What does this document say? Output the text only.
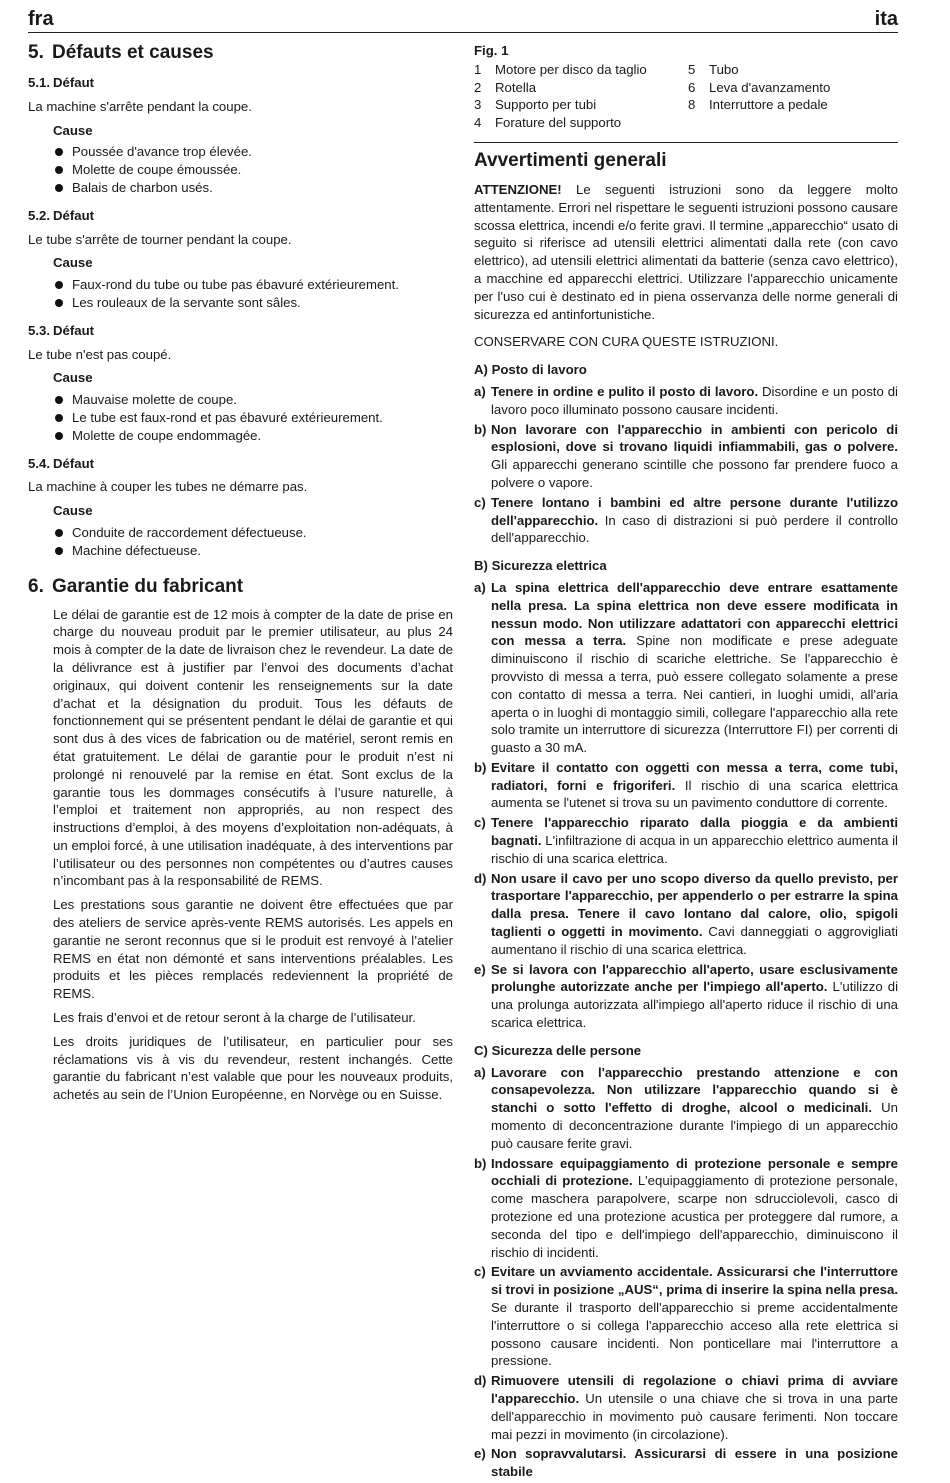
fra	ita
5. Défauts et causes
5.1. Défaut
La machine s'arrête pendant la coupe.
Cause
Poussée d'avance trop élevée.
Molette de coupe émoussée.
Balais de charbon usés.
5.2. Défaut
Le tube s'arrête de tourner pendant la coupe.
Cause
Faux-rond du tube ou tube pas ébavuré extérieurement.
Les rouleaux de la servante sont sâles.
5.3. Défaut
Le tube n'est pas coupé.
Cause
Mauvaise molette de coupe.
Le tube est faux-rond et pas ébavuré extérieurement.
Molette de coupe endommagée.
5.4. Défaut
La machine à couper les tubes ne démarre pas.
Cause
Conduite de raccordement défectueuse.
Machine défectueuse.
6. Garantie du fabricant

Le délai de garantie est de 12 mois à compter de la date de prise en charge du nouveau produit par le premier utilisateur, au plus 24 mois à compter de la date de livraison chez le revendeur. La date de la délivrance est à justifier par l’envoi des documents d’achat originaux, qui doivent contenir les renseignements sur la date d’achat et la désignation du produit. Tous les défauts de fonctionnement qui se présentent pendant le délai de garantie et qui sont dus à des vices de fabrication ou de matériel, seront remis en état gratuitement. Le délai de garantie pour le produit n’est ni prolongé ni renouvelé par la remise en état. Sont exclus de la garantie tous les dommages consécutifs à l’usure naturelle, à l’emploi et traitement non appropriés, au non respect des instructions d’emploi, à des moyens d’exploitation non-adéquats, à un emploi forcé, à une utilisation inadéquate, à des interventions par l’utilisateur ou des personnes non compétentes ou d’autres causes n’incombant pas à la responsabilité de REMS.

Les prestations sous garantie ne doivent être effectuées que par des ateliers de service après-vente REMS autorisés. Les appels en garantie ne seront reconnus que si le produit est renvoyé à l’atelier REMS en état non démonté et sans interventions préalables. Les produits et les pièces remplacés redeviennent la propriété de REMS.

Les frais d’envoi et de retour seront à la charge de l’utilisateur.

Les droits juridiques de l’utilisateur, en particulier pour ses réclamations vis à vis du revendeur, restent inchangés. Cette garantie du fabricant n’est valable que pour les nouveaux produits, achetés au sein de l’Union Européenne, en Norvège ou en Suisse.

Fig. 1
1 Motore per disco da taglio	5 Tubo
2 Rotella	6 Leva d'avanzamento
3 Supporto per tubi	8 Interruttore a pedale
4 Forature del supporto
Avvertimenti generali

ATTENZIONE! Le seguenti istruzioni sono da leggere molto attentamente. Errori nel rispettare le seguenti istruzioni possono causare scossa elettrica, incendi e/o ferite gravi. Il termine „apparecchio“ usato di seguito si riferisce ad utensili elettrici alimentati dalla rete (con cavo elettrico), ad utensili elettrici alimentati da batterie (senza cavo elettrico), a macchine ed apparecchi elettrici. Utilizzare l'apparecchio unicamente per l'uso cui è destinato ed in piena osservanza delle norme generali di sicurezza ed antinfortunistiche.

CONSERVARE CON CURA QUESTE ISTRUZIONI.

A) Posto di lavoro
a) Tenere in ordine e pulito il posto di lavoro. Disordine e un posto di lavoro poco illuminato possono causare incidenti.
b) Non lavorare con l'apparecchio in ambienti con pericolo di esplosioni, dove si trovano liquidi infiammabili, gas o polvere. Gli apparecchi generano scintille che possono far prendere fuoco a polvere o vapore.
c) Tenere lontano i bambini ed altre persone durante l'utilizzo dell'apparecchio. In caso di distrazioni si può perdere il controllo dell'apparecchio.
B) Sicurezza elettrica
a) La spina elettrica dell'apparecchio deve entrare esattamente nella presa. La spina elettrica non deve essere modificata in nessun modo. Non utilizzare adattatori con apparecchi elettrici con messa a terra. Spine non modificate e prese adeguate diminuiscono il rischio di scariche elettriche. Se l'apparecchio è provvisto di messa a terra, può essere collegato solamente a prese con contatto di messa a terra. Nei cantieri, in luoghi umidi, all'aria aperta o in luoghi di montaggio simili, collegare l'apparecchio alla rete solo tramite un interruttore di sicurezza (Interruttore FI) per correnti di guasto a 30 mA.
b) Evitare il contatto con oggetti con messa a terra, come tubi, radiatori, forni e frigoriferi. Il rischio di una scarica elettrica aumenta se l'utenet si trova su un pavimento conduttore di corrente.
c) Tenere l'apparecchio riparato dalla pioggia e da ambienti bagnati. L'infiltrazione di acqua in un apparecchio elettrico aumenta il rischio di una scarica elettrica.
d) Non usare il cavo per uno scopo diverso da quello previsto, per trasportare l'apparecchio, per appenderlo o per estrarre la spina dalla presa. Tenere il cavo lontano dal calore, olio, spigoli taglienti o oggetti in movimento. Cavi danneggiati o aggrovigliati aumentano il rischio di una scarica elettrica.
e) Se si lavora con l'apparecchio all'aperto, usare esclusivamente prolunghe autorizzate anche per l'impiego all'aperto. L'utilizzo di una prolunga autorizzata all'impiego all'aperto riduce il rischio di una scarica elettrica.
C) Sicurezza delle persone
a) Lavorare con l'apparecchio prestando attenzione e con consapevolezza. Non utilizzare l'apparecchio quando si è stanchi o sotto l'effetto di droghe, alcool o medicinali. Un momento di deconcentrazione durante l'impiego di un apparecchio può causare ferite gravi.
b) Indossare equipaggiamento di protezione personale e sempre occhiali di protezione. L'equipaggiamento di protezione personale, come maschera parapolvere, scarpe non sdrucciolevoli, casco di protezione ed una protezione acustica per proteggere dal rumore, a seconda del tipo e dell'impiego dell'apparecchio, diminuiscono il rischio di incidenti.
c) Evitare un avviamento accidentale. Assicurarsi che l'interruttore si trovi in posizione „AUS“, prima di inserire la spina nella presa. Se durante il trasporto dell'apparecchio si preme accidentalmente l'interruttore o si collega l'apparecchio acceso alla rete elettrica si possono causare incidenti. Non ponticellare mai l'interruttore a pressione.
d) Rimuovere utensili di regolazione o chiavi prima di avviare l'apparecchio. Un utensile o una chiave che si trova in una parte dell'apparecchio in movimento può causare ferimenti. Non toccare mai pezzi in movimento (in circolazione).
e) Non sopravvalutarsi. Assicurarsi di essere in una posizione stabile
